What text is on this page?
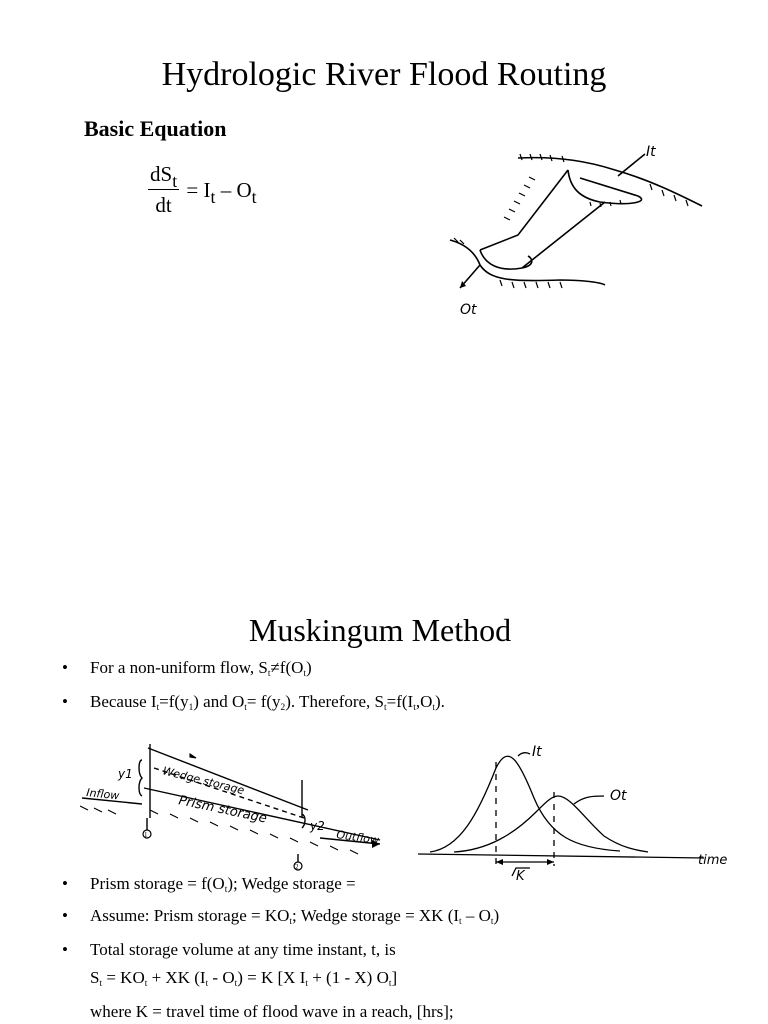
Hydrologic River Flood Routing
Basic Equation
$\frac{\text{dSt}}{dt} = It - Ot$
It
Ot
Muskingum Method
• For a non-uniform flow, St≠f(Ot)
• Because It=f(y1) and Ot= f(y2). Therefore, St=f(It,Ot).
y1
y2
Wedge storage
Prism storage
Inflow
Outflow
1
2
It
Ot
K
time
• Prism storage = f(Ot); Wedge storage =
• Assume: Prism storage = KOt; Wedge storage = XK (It – Ot)
• Total storage volume at any time instant, t, is
St = KOt + XK (It - Ot) = K [X It + (1 - X) Ot]
where K = travel time of flood wave in a reach, [hrs];
